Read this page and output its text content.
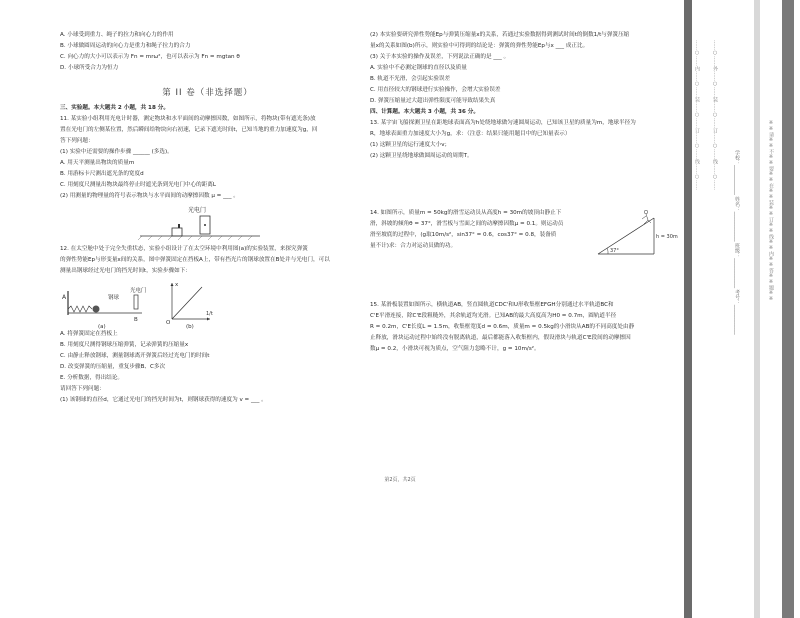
A. 小球受到重力、绳子的拉力和向心力的作用
B. 小球做圆周运动的向心力是重力和绳子拉力的合力
C. 向心力的大小可以表示为 Fn = mrω²，也可以表示为 Fn = mgtan θ
D. 小球所受合力为恒力
第 II 卷（非选择题）
三、实验题。本大题共 2 小题，共 18 分。
11. 某实验小组利用光电计时器，测定物块和水平面间的动摩擦因数，如图所示，将物块(带有遮光条)放
置在光电门的左侧某位置，然后瞬间给物块向右初速，记录下遮光时间t，已知当地的重力加速度为g，回
答下列问题：
(1) 实验中还需要的操作步骤 ______ (多选)。
A. 用天平测量出物块的质量m
B. 用游标卡尺测出遮光条的宽度d
C. 用刻度尺测量出物块最终停止时遮光条到光电门中心的距离L
(2) 用测量的物理量的符号表示物块与水平面间的动摩擦因数 μ = ___ 。
光电门
12. 在太空舱中处于完全失重状态，实验小组设计了在太空环境中利用图(a)的实验装置，来探究弹簧
的弹性势能Ep与形变量x间的关系，图中弹簧固定在挡板A上，带有挡光片的钢球放置在B处并与光电门，可以
测量出钢球经过光电门的挡光时间t，实验步骤如下：
A	钢球
光电门
B
(a)
x
O
1/t
(b)
A. 将弹簧固定在挡板上
B. 用刻度尺测得钢球压缩弹簧，记录弹簧的压缩量x
C. 由静止释放钢球，测量钢球离开弹簧后经过光电门的时间t
D. 改变弹簧的压缩量，重复步骤B、C多次
E. 分析数据，得出结论。
请回答下列问题：
(1) 该钢球的直径d，它通过光电门的挡光时间为t，则钢球获得的速度为 v = ___ 。
(2) 本实验要研究弹性势能Ep与弹簧压缩量x的关系，若通过实验数据得到测试时间t的倒数1/t与弹簧压缩
量x的关系如图(b)所示，则实验中可得到的结论是：弹簧的弹性势能Ep与x ___ 成正比。
(3) 关于本实验的操作及误差，下列说法正确的是 ___ 。
A. 实验中不必测定钢球的直径以及质量
B. 轨道不光滑，会引起实验误差
C. 用直径较大的钢球进行实验操作，会增大实验误差
D. 弹簧压缩量过大超出弹性限度可能导致结果失真
四、计算题。本大题共 3 小题，共 36 分。
13. 某宇宙飞船探测卫星在距地球表面高为h处绕地球做匀速圆周运动，已知该卫星的质量为m，地球半径为
R，地球表面重力加速度大小为g，求：（注意：结果只能用题目中的已知量表示）
(1) 这颗卫星的运行速度大小v；
(2) 这颗卫星绕地球做圆周运动的周期T。
14. 如图所示，质量m = 50kg的滑雪运动员从高度h = 30m的坡顶由静止下
滑，斜坡的倾角θ = 37°，滑雪板与雪面之间的动摩擦因数μ = 0.1。则运动员
滑至坡底的过程中，(g取10m/s²，sin37° = 0.6，cos37° = 0.8，装备质
量不计)求：合力对运动员做的功。
37°
h = 30m
15. 某滑板装置如图所示，横轨道AB，竖直圆轨道CDC'和U形收集框EFGH分别通过水平轨道BC和
C'E平滑连接，除C'E段粗糙外，其余轨道均光滑。已知AB的最大高度高为H0 = 0.7m，圆轨道半径
R = 0.2m，C'E长度L = 1.5m，收集框宽度d = 0.6m，质量m = 0.5kg的小滑块从AB的不同高度处由静
止释放，滑块运动过程中始终没有脱离轨道，最后都能落入收集框内，假设滑块与轨道C'E段间的动摩擦因
数μ = 0.2，小滑块可视为质点，空气阻力忽略不计，g = 10m/s²。
第2页，共2页
……○……内……○……装……○……订……○……线……○…… ……○……外……○……装……○……订……○……线……○……
学校：____________ 姓名：____________ 班级：____________ 考号：____________	※※请※※不※※要※※在※※装※※订※※线※※内※※答※※题※※
